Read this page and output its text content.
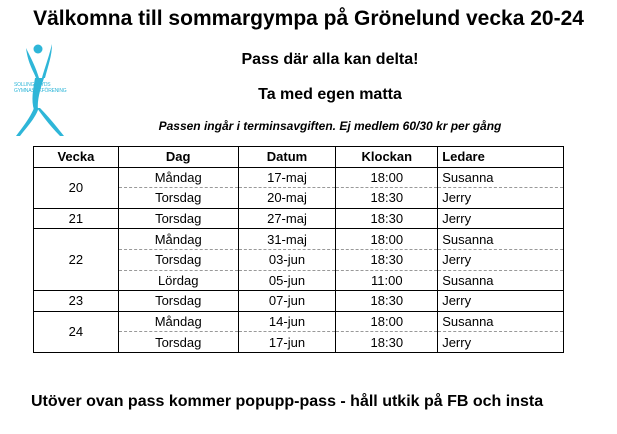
Välkomna till sommargympa på Grönelund vecka 20-24
SOLLINGARYDS
GYMNASTIKFÖRENING
Pass där alla kan delta!
Ta med egen matta
Passen ingår i terminsavgiften. Ej medlem 60/30 kr per gång
Vecka	Dag	Datum	Klockan	Ledare
20	Måndag	17-maj	18:00	Susanna
	Torsdag	20-maj	18:30	Jerry
21	Torsdag	27-maj	18:30	Jerry
22	Måndag	31-maj	18:00	Susanna
	Torsdag	03-jun	18:30	Jerry
	Lördag	05-jun	11:00	Susanna
23	Torsdag	07-jun	18:30	Jerry
24	Måndag	14-jun	18:00	Susanna
	Torsdag	17-jun	18:30	Jerry
Utöver ovan pass kommer popupp-pass - håll utkik på FB och insta
